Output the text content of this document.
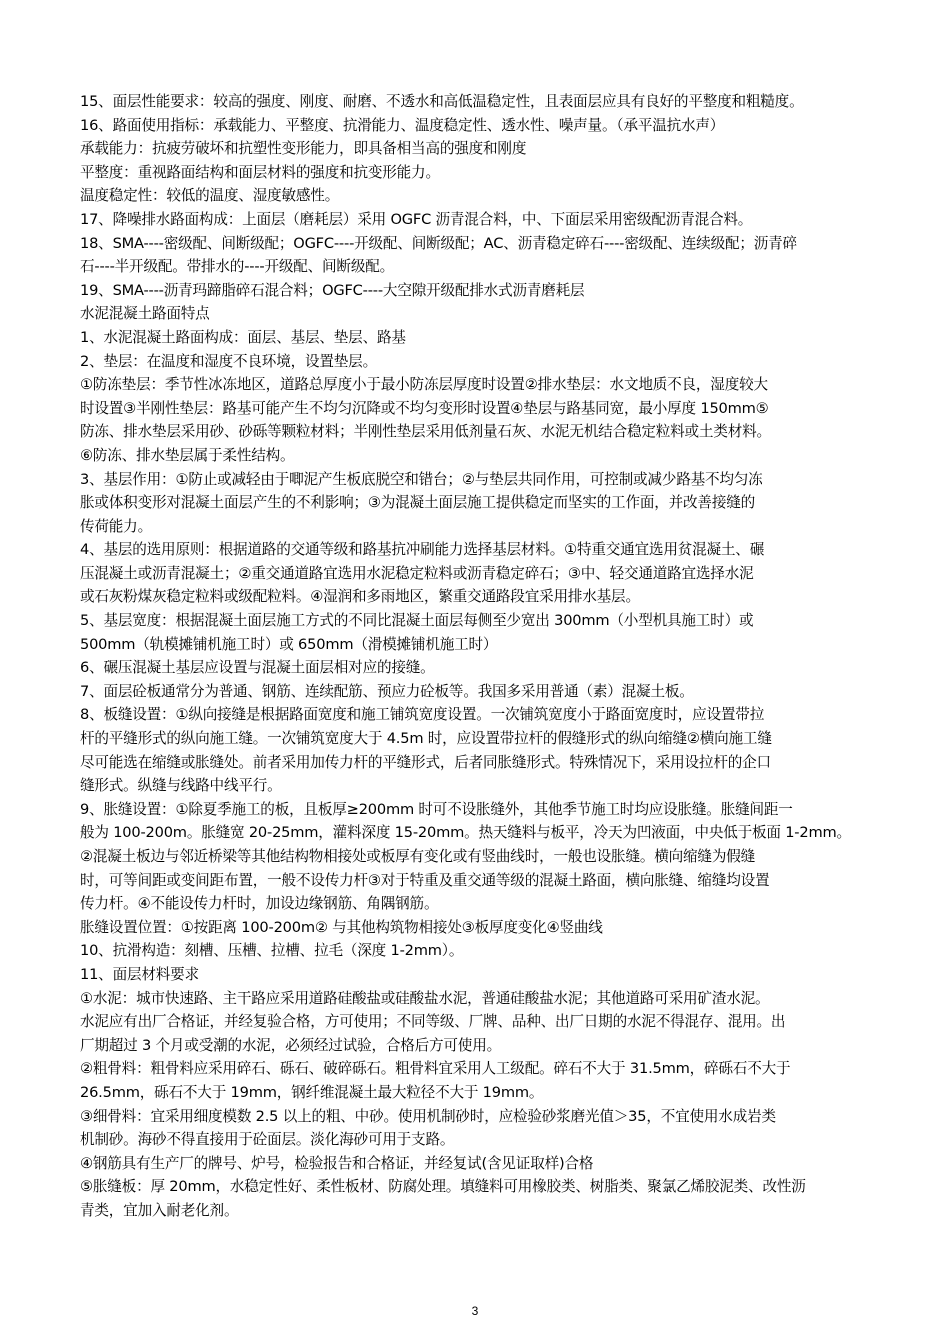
15、面层性能要求：较高的强度、刚度、耐磨、不透水和高低温稳定性，且表面层应具有良好的平整度和粗糙度。
16、路面使用指标：承载能力、平整度、抗滑能力、温度稳定性、透水性、噪声量。（承平温抗水声）
承载能力：抗疲劳破坏和抗塑性变形能力，即具备相当高的强度和刚度
平整度：重视路面结构和面层材料的强度和抗变形能力。
温度稳定性：较低的温度、湿度敏感性。
17、降噪排水路面构成：上面层（磨耗层）采用 OGFC 沥青混合料，中、下面层采用密级配沥青混合料。
18、SMA----密级配、间断级配；OGFC----开级配、间断级配；AC、沥青稳定碎石----密级配、连续级配；沥青碎
石----半开级配。带排水的----开级配、间断级配。
19、SMA----沥青玛蹄脂碎石混合料；OGFC----大空隙开级配排水式沥青磨耗层
水泥混凝土路面特点
1、水泥混凝土路面构成：面层、基层、垫层、路基
2、垫层：在温度和湿度不良环境，设置垫层。
①防冻垫层：季节性冰冻地区，道路总厚度小于最小防冻层厚度时设置②排水垫层：水文地质不良，湿度较大
时设置③半刚性垫层：路基可能产生不均匀沉降或不均匀变形时设置④垫层与路基同宽，最小厚度 150mm⑤
防冻、排水垫层采用砂、砂砾等颗粒材料；半刚性垫层采用低剂量石灰、水泥无机结合稳定粒料或土类材料。
⑥防冻、排水垫层属于柔性结构。
3、基层作用：①防止或减轻由于唧泥产生板底脱空和错台；②与垫层共同作用，可控制或减少路基不均匀冻
胀或体积变形对混凝土面层产生的不利影响；③为混凝土面层施工提供稳定而坚实的工作面，并改善接缝的
传荷能力。
4、基层的选用原则：根据道路的交通等级和路基抗冲刷能力选择基层材料。①特重交通宜选用贫混凝土、碾
压混凝土或沥青混凝土；②重交通道路宜选用水泥稳定粒料或沥青稳定碎石；③中、轻交通道路宜选择水泥
或石灰粉煤灰稳定粒料或级配粒料。④湿润和多雨地区，繁重交通路段宜采用排水基层。
5、基层宽度：根据混凝土面层施工方式的不同比混凝土面层每侧至少宽出 300mm（小型机具施工时）或
500mm（轨模摊铺机施工时）或 650mm（滑模摊铺机施工时）
6、碾压混凝土基层应设置与混凝土面层相对应的接缝。
7、面层砼板通常分为普通、钢筋、连续配筋、预应力砼板等。我国多采用普通（素）混凝土板。
8、板缝设置：①纵向接缝是根据路面宽度和施工铺筑宽度设置。一次铺筑宽度小于路面宽度时，应设置带拉
杆的平缝形式的纵向施工缝。一次铺筑宽度大于 4.5m 时，应设置带拉杆的假缝形式的纵向缩缝②横向施工缝
尽可能选在缩缝或胀缝处。前者采用加传力杆的平缝形式，后者同胀缝形式。特殊情况下，采用设拉杆的企口
缝形式。纵缝与线路中线平行。
9、胀缝设置：①除夏季施工的板，且板厚≥200mm 时可不设胀缝外，其他季节施工时均应设胀缝。胀缝间距一
般为 100-200m。胀缝宽 20-25mm，灌料深度 15-20mm。热天缝料与板平，冷天为凹液面，中央低于板面 1-2mm。
②混凝土板边与邻近桥梁等其他结构物相接处或板厚有变化或有竖曲线时，一般也设胀缝。横向缩缝为假缝
时，可等间距或变间距布置，一般不设传力杆③对于特重及重交通等级的混凝土路面，横向胀缝、缩缝均设置
传力杆。④不能设传力杆时，加设边缘钢筋、角隅钢筋。
胀缝设置位置：①按距离 100-200m② 与其他构筑物相接处③板厚度变化④竖曲线
10、抗滑构造：刻槽、压槽、拉槽、拉毛（深度 1-2mm）。
11、面层材料要求
①水泥：城市快速路、主干路应采用道路硅酸盐或硅酸盐水泥，普通硅酸盐水泥；其他道路可采用矿渣水泥。
水泥应有出厂合格证，并经复验合格，方可使用；不同等级、厂牌、品种、出厂日期的水泥不得混存、混用。出
厂期超过 3 个月或受潮的水泥，必须经过试验，合格后方可使用。
②粗骨料：粗骨料应采用碎石、砾石、破碎砾石。粗骨料宜采用人工级配。碎石不大于 31.5mm，碎砾石不大于
26.5mm，砾石不大于 19mm，钢纤维混凝土最大粒径不大于 19mm。
③细骨料：宜采用细度模数 2.5 以上的粗、中砂。使用机制砂时，应检验砂浆磨光值＞35，不宜使用水成岩类
机制砂。海砂不得直接用于砼面层。淡化海砂可用于支路。
④钢筋具有生产厂的牌号、炉号，检验报告和合格证，并经复试(含见证取样)合格
⑤胀缝板：厚 20mm，水稳定性好、柔性板材、防腐处理。填缝料可用橡胶类、树脂类、聚氯乙烯胶泥类、改性沥
青类，宜加入耐老化剂。
3
